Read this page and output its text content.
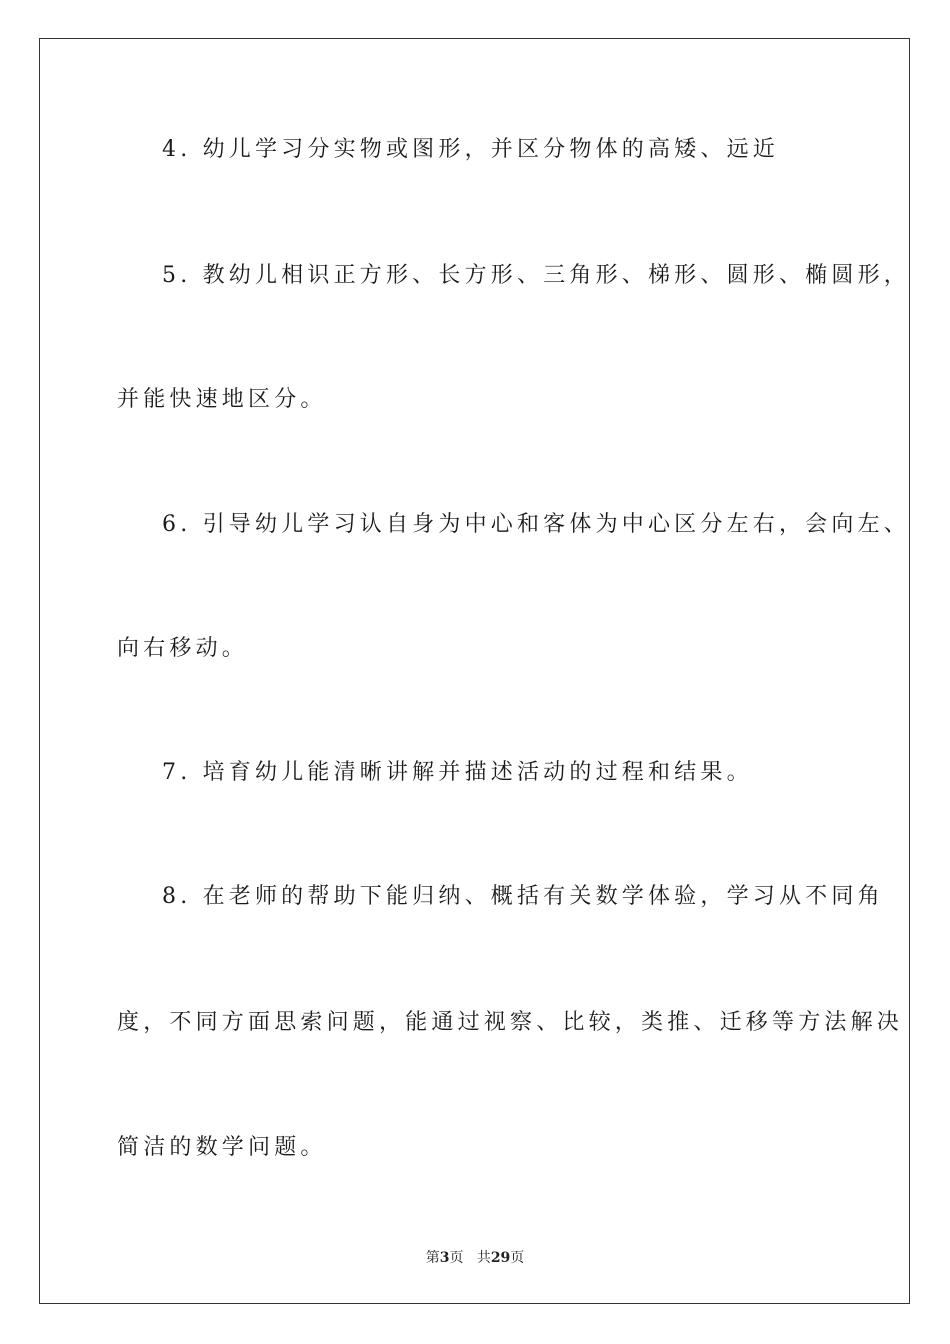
4. 幼儿学习分实物或图形，并区分物体的高矮、远近
5. 教幼儿相识正方形、长方形、三角形、梯形、圆形、椭圆形，
并能快速地区分。
6. 引导幼儿学习认自身为中心和客体为中心区分左右，会向左、
向右移动。
7. 培育幼儿能清晰讲解并描述活动的过程和结果。
8. 在老师的帮助下能归纳、概括有关数学体验，学习从不同角
度，不同方面思索问题，能通过视察、比较，类推、迁移等方法解决
简洁的数学问题。
第3页 共29页
